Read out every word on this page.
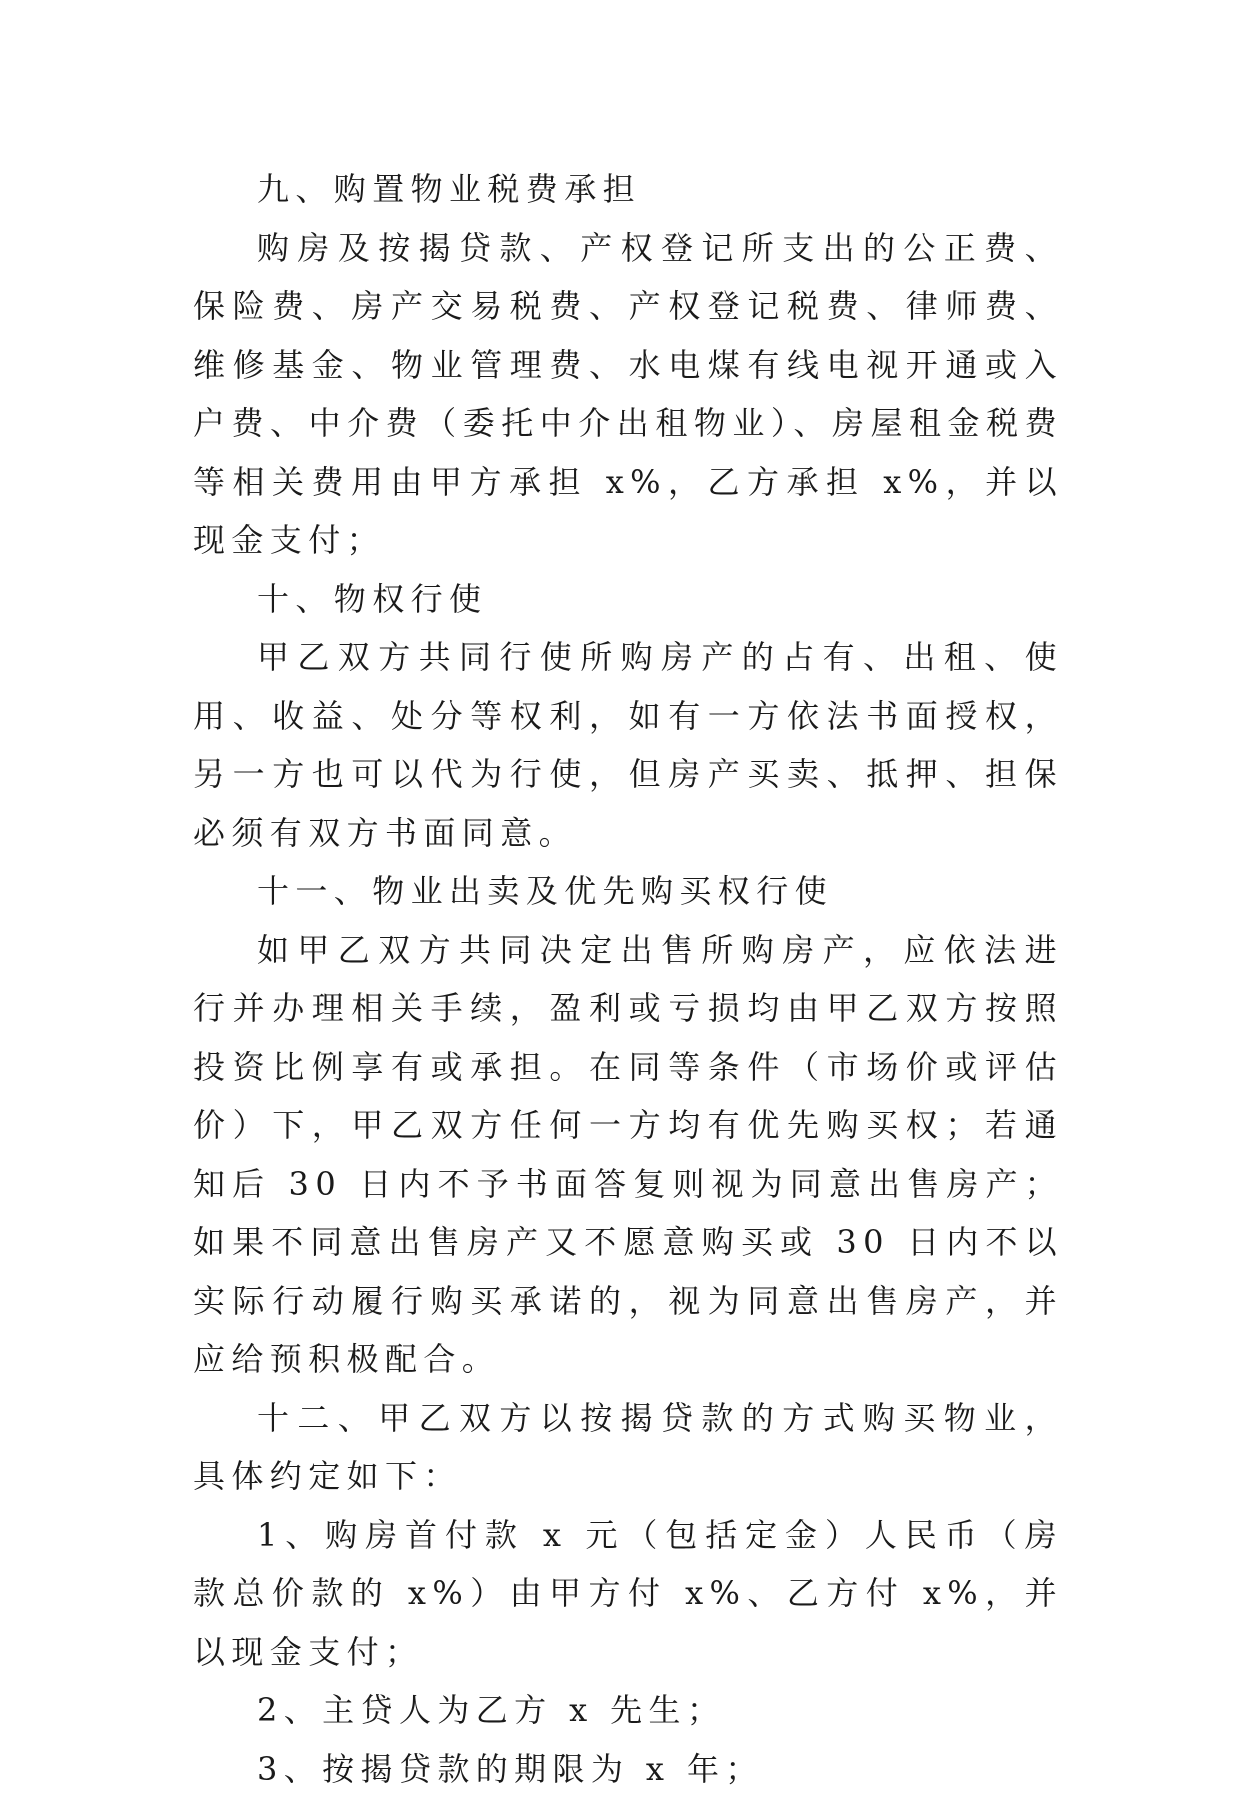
九、购置物业税费承担

购房及按揭贷款、产权登记所支出的公正费、保险费、房产交易税费、产权登记税费、律师费、维修基金、物业管理费、水电煤有线电视开通或入户费、中介费（委托中介出租物业）、房屋租金税费等相关费用由甲方承担 x%，乙方承担 x%，并以现金支付；

十、物权行使

甲乙双方共同行使所购房产的占有、出租、使用、收益、处分等权利，如有一方依法书面授权，另一方也可以代为行使，但房产买卖、抵押、担保必须有双方书面同意。

十一、物业出卖及优先购买权行使

如甲乙双方共同决定出售所购房产，应依法进行并办理相关手续，盈利或亏损均由甲乙双方按照投资比例享有或承担。在同等条件（市场价或评估价）下，甲乙双方任何一方均有优先购买权；若通知后 30 日内不予书面答复则视为同意出售房产；如果不同意出售房产又不愿意购买或 30 日内不以实际行动履行购买承诺的，视为同意出售房产，并应给预积极配合。

十二、甲乙双方以按揭贷款的方式购买物业，具体约定如下：

1、购房首付款 x 元（包括定金）人民币（房款总价款的 x%）由甲方付 x%、乙方付 x%，并以现金支付；

2、主贷人为乙方 x 先生；

3、按揭贷款的期限为 x 年；
